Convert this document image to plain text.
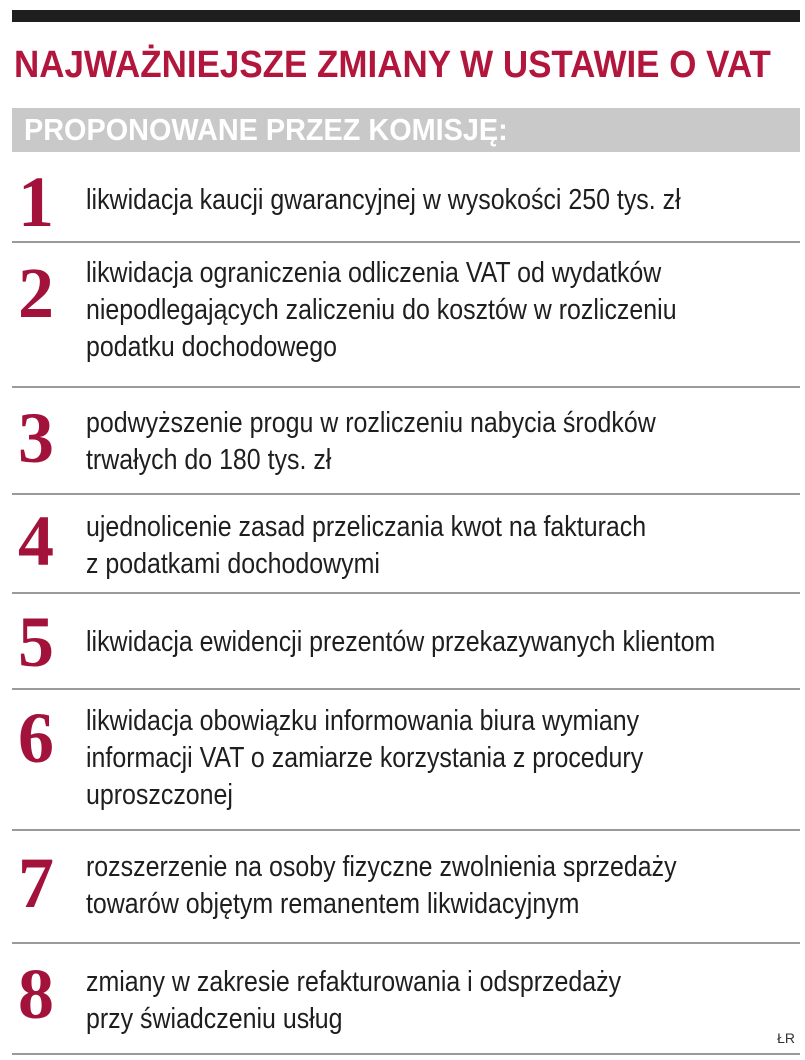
NAJWAŻNIEJSZE ZMIANY W USTAWIE O VAT
PROPONOWANE PRZEZ KOMISJĘ:
1	likwidacja kaucji gwarancyjnej w wysokości 250 tys. zł

2	likwidacja ograniczenia odliczenia VAT od wydatków
niepodlegających zaliczeniu do kosztów w rozliczeniu
podatku dochodowego

3	podwyższenie progu w rozliczeniu nabycia środków
trwałych do 180 tys. zł

4	ujednolicenie zasad przeliczania kwot na fakturach
z podatkami dochodowymi

5	likwidacja ewidencji prezentów przekazywanych klientom

6	likwidacja obowiązku informowania biura wymiany
informacji VAT o zamiarze korzystania z procedury
uproszczonej

7	rozszerzenie na osoby fizyczne zwolnienia sprzedaży
towarów objętym remanentem likwidacyjnym

8	zmiany w zakresie refakturowania i odsprzedaży
przy świadczeniu usług

ŁR
